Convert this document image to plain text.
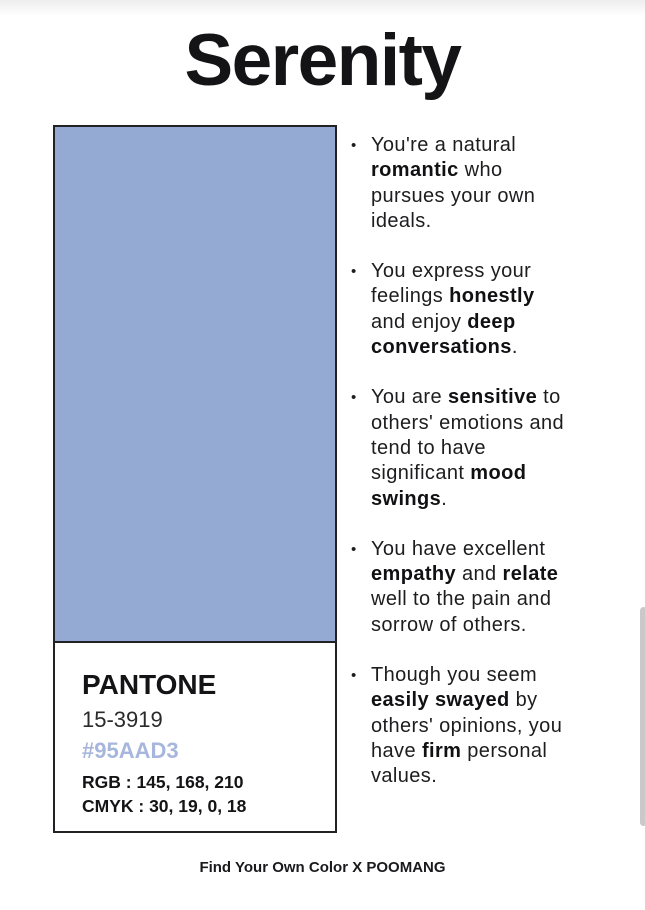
Serenity
PANTONE
15-3919
#95AAD3
RGB : 145, 168, 210
CMYK : 30, 19, 0, 18
• You're a natural romantic who pursues your own ideals.
• You express your feelings honestly and enjoy deep conversations.
• You are sensitive to others' emotions and tend to have significant mood swings.
• You have excellent empathy and relate well to the pain and sorrow of others.
• Though you seem easily swayed by others' opinions, you have firm personal values.
Find Your Own Color X POOMANG
